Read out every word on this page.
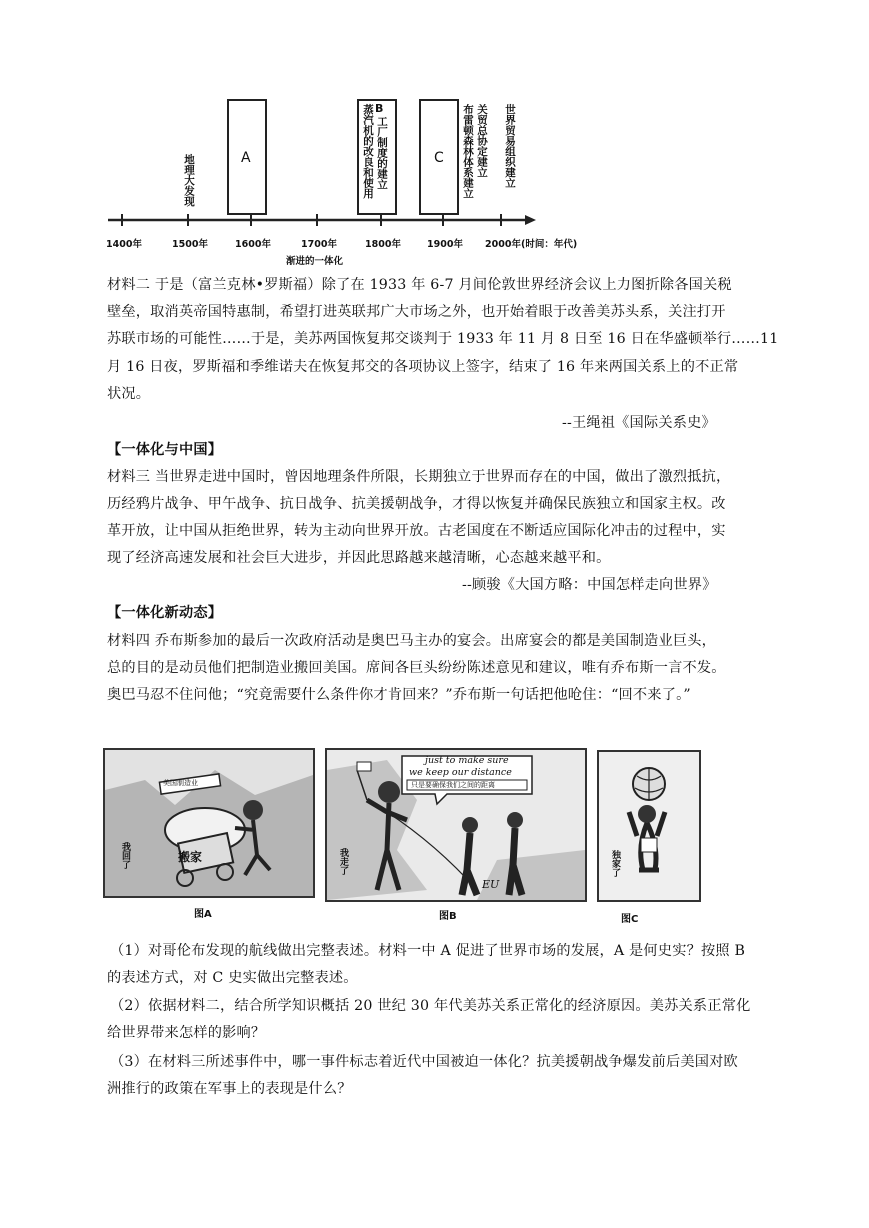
A	C
地理大发现
B
蒸汽机的改良和使用 工厂制度的建立	布雷顿森林体系建立 关贸总协定建立 世界贸易组织建立
1400年	1500年	1600年	1700年	1800年	1900年 2000年 (时间：年代)
渐进的一体化
材料二 于是（富兰克林•罗斯福）除了在 1933 年 6-7 月间伦敦世界经济会议上力图折除各国关税
壁垒，取消英帝国特惠制，希望打进英联邦广大市场之外，也开始着眼于改善美苏头系，关注打开
苏联市场的可能性……于是，美苏两国恢复邦交谈判于 1933 年 11 月 8 日至 16 日在华盛顿举行……11
月 16 日夜，罗斯福和季维诺夫在恢复邦交的各项协议上签字，结束了 16 年来两国关系上的不正常
状况。
--王绳祖《国际关系史》
【一体化与中国】
材料三 当世界走进中国时，曾因地理条件所限，长期独立于世界而存在的中国，做出了激烈抵抗，
历经鸦片战争、甲午战争、抗日战争、抗美援朝战争，才得以恢复并确保民族独立和国家主权。改
革开放，让中国从拒绝世界，转为主动向世界开放。古老国度在不断适应国际化冲击的过程中，实
现了经济高速发展和社会巨大进步，并因此思路越来越清晰，心态越来越平和。
--顾骏《大国方略：中国怎样走向世界》
【一体化新动态】
材料四 乔布斯参加的最后一次政府活动是奥巴马主办的宴会。出席宴会的都是美国制造业巨头，
总的目的是动员他们把制造业搬回美国。席间各巨头纷纷陈述意见和建议，唯有乔布斯一言不发。
奥巴马忍不住问他；“究竟需要什么条件你才肯回来？”乔布斯一句话把他呛住：“回不来了。”
搬家
美国制造业
我回了
图A
just to make sure
we keep our distance
只是要确保我们之间的距离
我走了
EU
图B
独家了
图C
（1）对哥伦布发现的航线做出完整表述。材料一中 A 促进了世界市场的发展，A 是何史实？按照 B
的表述方式，对 C 史实做出完整表述。
（2）依据材料二，结合所学知识概括 20 世纪 30 年代美苏关系正常化的经济原因。美苏关系正常化
给世界带来怎样的影响？
（3）在材料三所述事件中，哪一事件标志着近代中国被迫一体化？抗美援朝战争爆发前后美国对欧
洲推行的政策在军事上的表现是什么？
